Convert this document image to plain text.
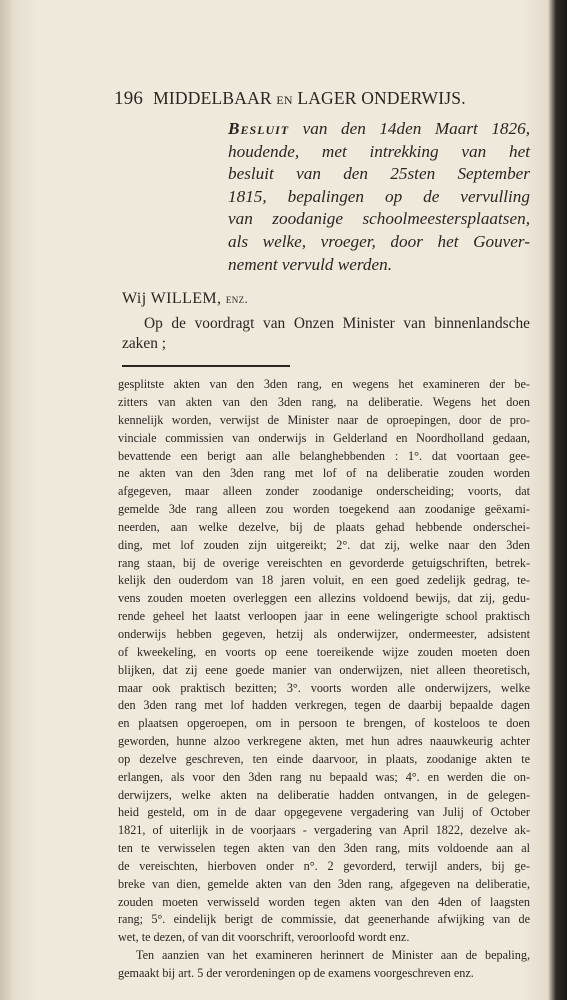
196 MIDDELBAAR en LAGER ONDERWIJS.
Besluit van den 14den Maart 1826,
houdende, met intrekking van het
besluit van den 25sten September
1815, bepalingen op de vervulling
van zoodanige schoolmeestersplaatsen,
als welke, vroeger, door het Gouver-
nement vervuld werden.
Wij WILLEM, enz.
Op de voordragt van Onzen Minister van binnenlandsche
zaken ;
gesplitste akten van den 3den rang, en wegens het examineren der be-
zitters van akten van den 3den rang, na deliberatie. Wegens het doen
kennelijk worden, verwijst de Minister naar de oproepingen, door de pro-
vinciale commissien van onderwijs in Gelderland en Noordholland gedaan,
bevattende een berigt aan alle belanghebbenden : 1°. dat voortaan gee-
ne akten van den 3den rang met lof of na deliberatie zouden worden
afgegeven, maar alleen zonder zoodanige onderscheiding; voorts, dat
gemelde 3de rang alleen zou worden toegekend aan zoodanige geëxami-
neerden, aan welke dezelve, bij de plaats gehad hebbende onderschei-
ding, met lof zouden zijn uitgereikt; 2°. dat zij, welke naar den 3den
rang staan, bij de overige vereischten en gevorderde getuigschriften, betrek-
kelijk den ouderdom van 18 jaren voluit, en een goed zedelijk gedrag, te-
vens zouden moeten overleggen een allezins voldoend bewijs, dat zij, gedu-
rende geheel het laatst verloopen jaar in eene welingerigte school praktisch
onderwijs hebben gegeven, hetzij als onderwijzer, ondermeester, adsistent
of kweekeling, en voorts op eene toereikende wijze zouden moeten doen
blijken, dat zij eene goede manier van onderwijzen, niet alleen theoretisch,
maar ook praktisch bezitten; 3°. voorts worden alle onderwijzers, welke
den 3den rang met lof hadden verkregen, tegen de daarbij bepaalde dagen
en plaatsen opgeroepen, om in persoon te brengen, of kosteloos te doen
geworden, hunne alzoo verkregene akten, met hun adres naauwkeurig achter
op dezelve geschreven, ten einde daarvoor, in plaats, zoodanige akten te
erlangen, als voor den 3den rang nu bepaald was; 4°. en werden die on-
derwijzers, welke akten na deliberatie hadden ontvangen, in de gelegen-
heid gesteld, om in de daar opgegevene vergadering van Julij of October
1821, of uiterlijk in de voorjaars - vergadering van April 1822, dezelve ak-
ten te verwisselen tegen akten van den 3den rang, mits voldoende aan al
de vereischten, hierboven onder n°. 2 gevorderd, terwijl anders, bij ge-
breke van dien, gemelde akten van den 3den rang, afgegeven na deliberatie,
zouden moeten verwisseld worden tegen akten van den 4den of laagsten
rang; 5°. eindelijk berigt de commissie, dat geenerhande afwijking van de
wet, te dezen, of van dit voorschrift, veroorloofd wordt enz.
Ten aanzien van het examineren herinnert de Minister aan de bepaling,
gemaakt bij art. 5 der verordeningen op de examens voorgeschreven enz.
